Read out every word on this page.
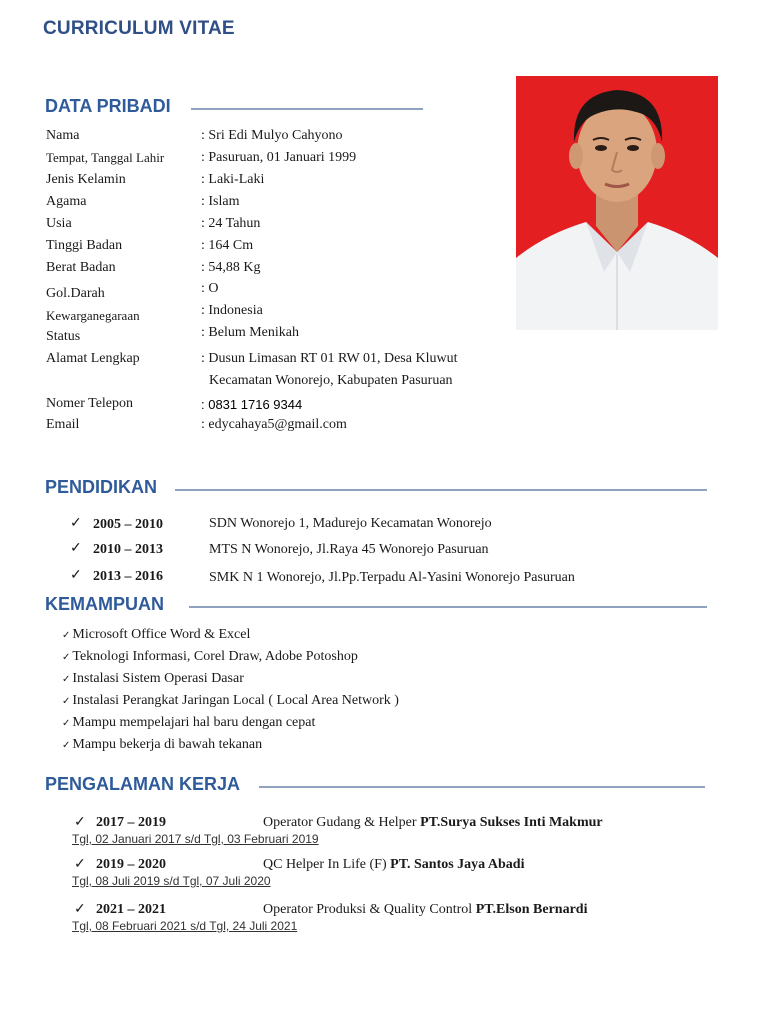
CURRICULUM VITAE
DATA PRIBADI
Nama	: Sri Edi Mulyo Cahyono
Tempat, Tanggal Lahir	: Pasuruan, 01 Januari 1999
Jenis Kelamin	: Laki-Laki
Agama	: Islam
Usia	: 24 Tahun
Tinggi Badan	: 164 Cm
Berat Badan	: 54,88 Kg
Gol.Darah	: O
Kewarganegaraan	: Indonesia
Status	: Belum Menikah
Alamat Lengkap	: Dusun Limasan RT 01 RW 01, Desa Kluwut
Kecamatan Wonorejo, Kabupaten Pasuruan
Nomer Telepon	: 0831 1716 9344
Email	: edycahaya5@gmail.com
PENDIDIKAN
✓ 2005 – 2010	SDN Wonorejo 1, Madurejo Kecamatan Wonorejo
✓ 2010 – 2013	MTS N Wonorejo, Jl.Raya 45 Wonorejo Pasuruan
✓ 2013 – 2016	SMK N 1 Wonorejo, Jl.Pp.Terpadu Al-Yasini Wonorejo Pasuruan
KEMAMPUAN
✓ Microsoft Office Word & Excel
✓ Teknologi Informasi, Corel Draw, Adobe Potoshop
✓ Instalasi Sistem Operasi Dasar
✓ Instalasi Perangkat Jaringan Local ( Local Area Network )
✓ Mampu mempelajari hal baru dengan cepat
✓ Mampu bekerja di bawah tekanan
PENGALAMAN KERJA
✓ 2017 – 2019	Operator Gudang & Helper PT.Surya Sukses Inti Makmur
Tgl, 02 Januari 2017 s/d Tgl, 03 Februari 2019
✓ 2019 – 2020	QC Helper In Life (F) PT. Santos Jaya Abadi
Tgl, 08 Juli 2019 s/d Tgl, 07 Juli 2020
✓ 2021 – 2021	Operator Produksi & Quality Control PT.Elson Bernardi
Tgl, 08 Februari 2021 s/d Tgl, 24 Juli 2021
